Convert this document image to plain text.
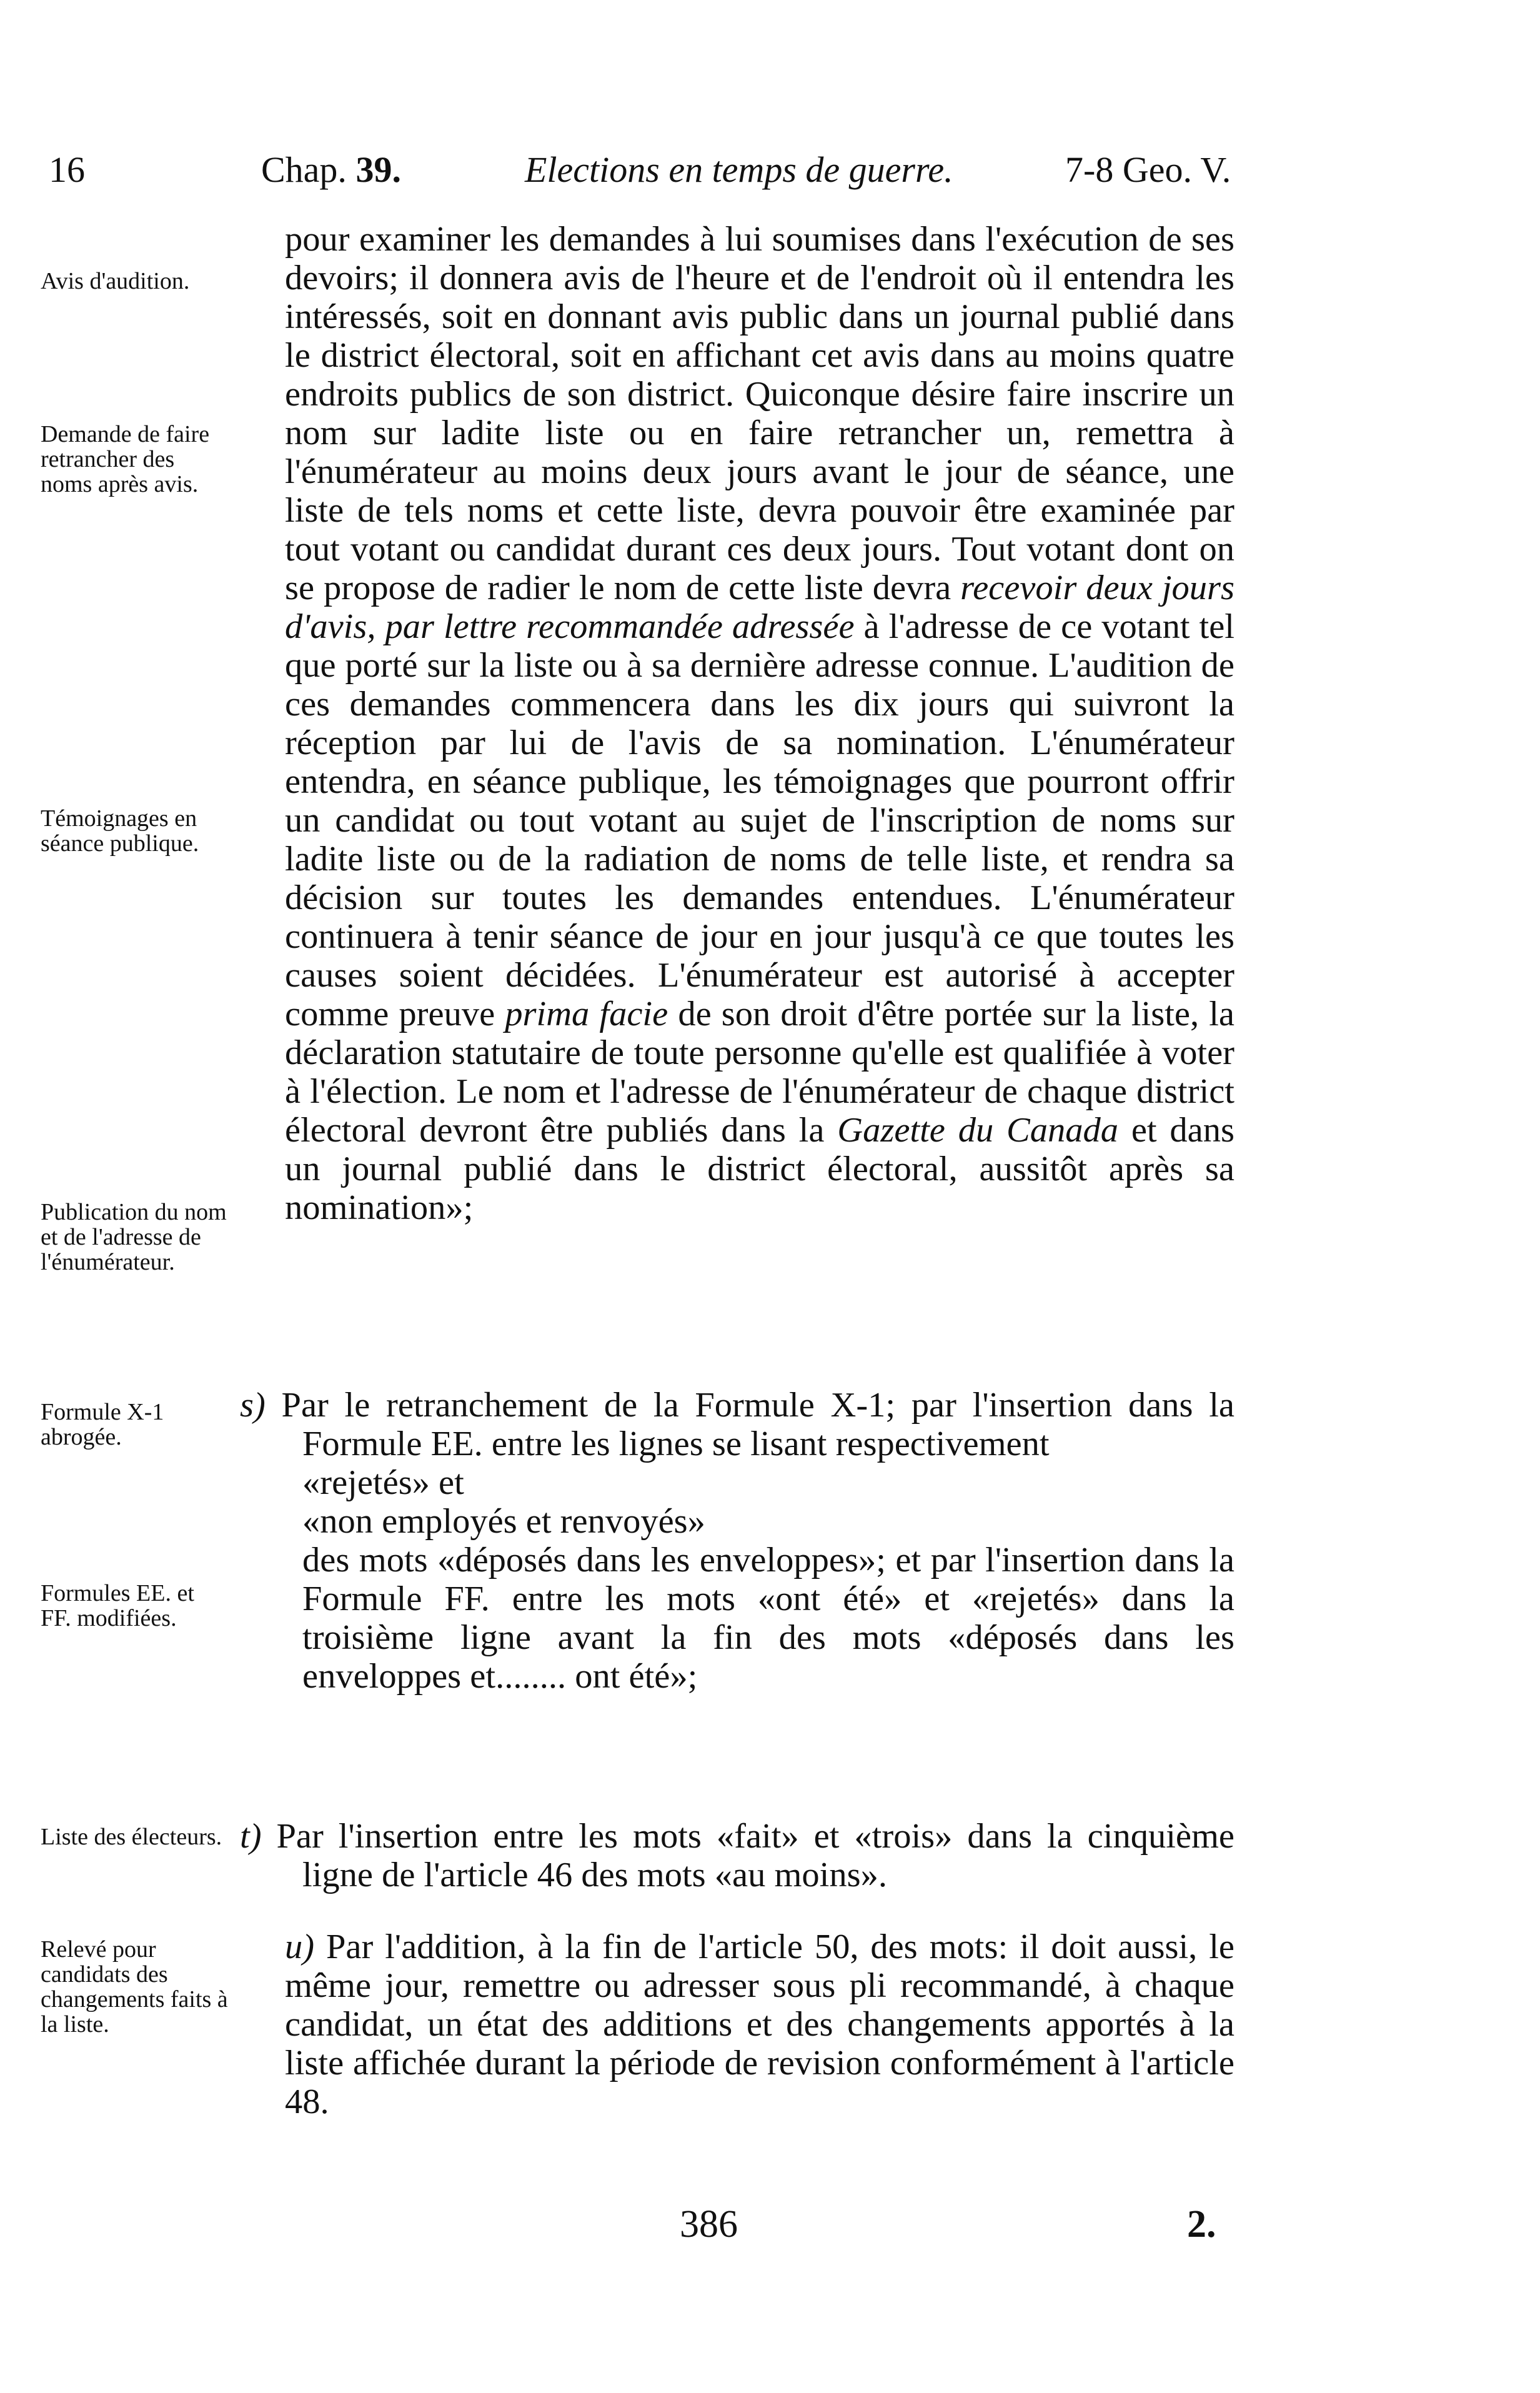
16	Chap. 39.	Elections en temps de guerre.	7-8 Geo. V.
Avis d'audition.
Demande de faire retrancher des noms après avis.
Témoignages en séance publique.
Publication du nom et de l'adresse de l'énumérateur.
Formule X-1 abrogée.
Formules EE. et FF. modifiées.
Liste des électeurs.
Relevé pour candidats des changements faits à la liste.

pour examiner les demandes à lui soumises dans l'exécution de ses devoirs; il donnera avis de l'heure et de l'endroit où il entendra les intéressés, soit en donnant avis public dans un journal publié dans le district électoral, soit en affichant cet avis dans au moins quatre endroits publics de son district. Quiconque désire faire inscrire un nom sur ladite liste ou en faire retrancher un, remettra à l'énumérateur au moins deux jours avant le jour de séance, une liste de tels noms et cette liste, devra pouvoir être examinée par tout votant ou candidat durant ces deux jours. Tout votant dont on se propose de radier le nom de cette liste devra recevoir deux jours d'avis, par lettre recommandée adressée à l'adresse de ce votant tel que porté sur la liste ou à sa dernière adresse connue. L'audition de ces demandes commencera dans les dix jours qui suivront la réception par lui de l'avis de sa nomination. L'énumérateur entendra, en séance publique, les témoignages que pourront offrir un candidat ou tout votant au sujet de l'inscription de noms sur ladite liste ou de la radiation de noms de telle liste, et rendra sa décision sur toutes les demandes entendues. L'énumérateur continuera à tenir séance de jour en jour jusqu'à ce que toutes les causes soient décidées. L'énumérateur est autorisé à accepter comme preuve prima facie de son droit d'être portée sur la liste, la déclaration statutaire de toute personne qu'elle est qualifiée à voter à l'élection. Le nom et l'adresse de l'énumérateur de chaque district électoral devront être publiés dans la Gazette du Canada et dans un journal publié dans le district électoral, aussitôt après sa nomination»;

s) Par le retranchement de la Formule X-1; par l'insertion dans la Formule EE. entre les lignes se lisant respectivement

«rejetés» et

«non employés et renvoyés»

des mots «déposés dans les enveloppes»; et par l'insertion dans la Formule FF. entre les mots «ont été» et «rejetés» dans la troisième ligne avant la fin des mots «déposés dans les enveloppes et........ ont été»;

t) Par l'insertion entre les mots «fait» et «trois» dans la cinquième ligne de l'article 46 des mots «au moins».

u) Par l'addition, à la fin de l'article 50, des mots: il doit aussi, le même jour, remettre ou adresser sous pli recommandé, à chaque candidat, un état des additions et des changements apportés à la liste affichée durant la période de revision conformément à l'article 48.

386	2.
